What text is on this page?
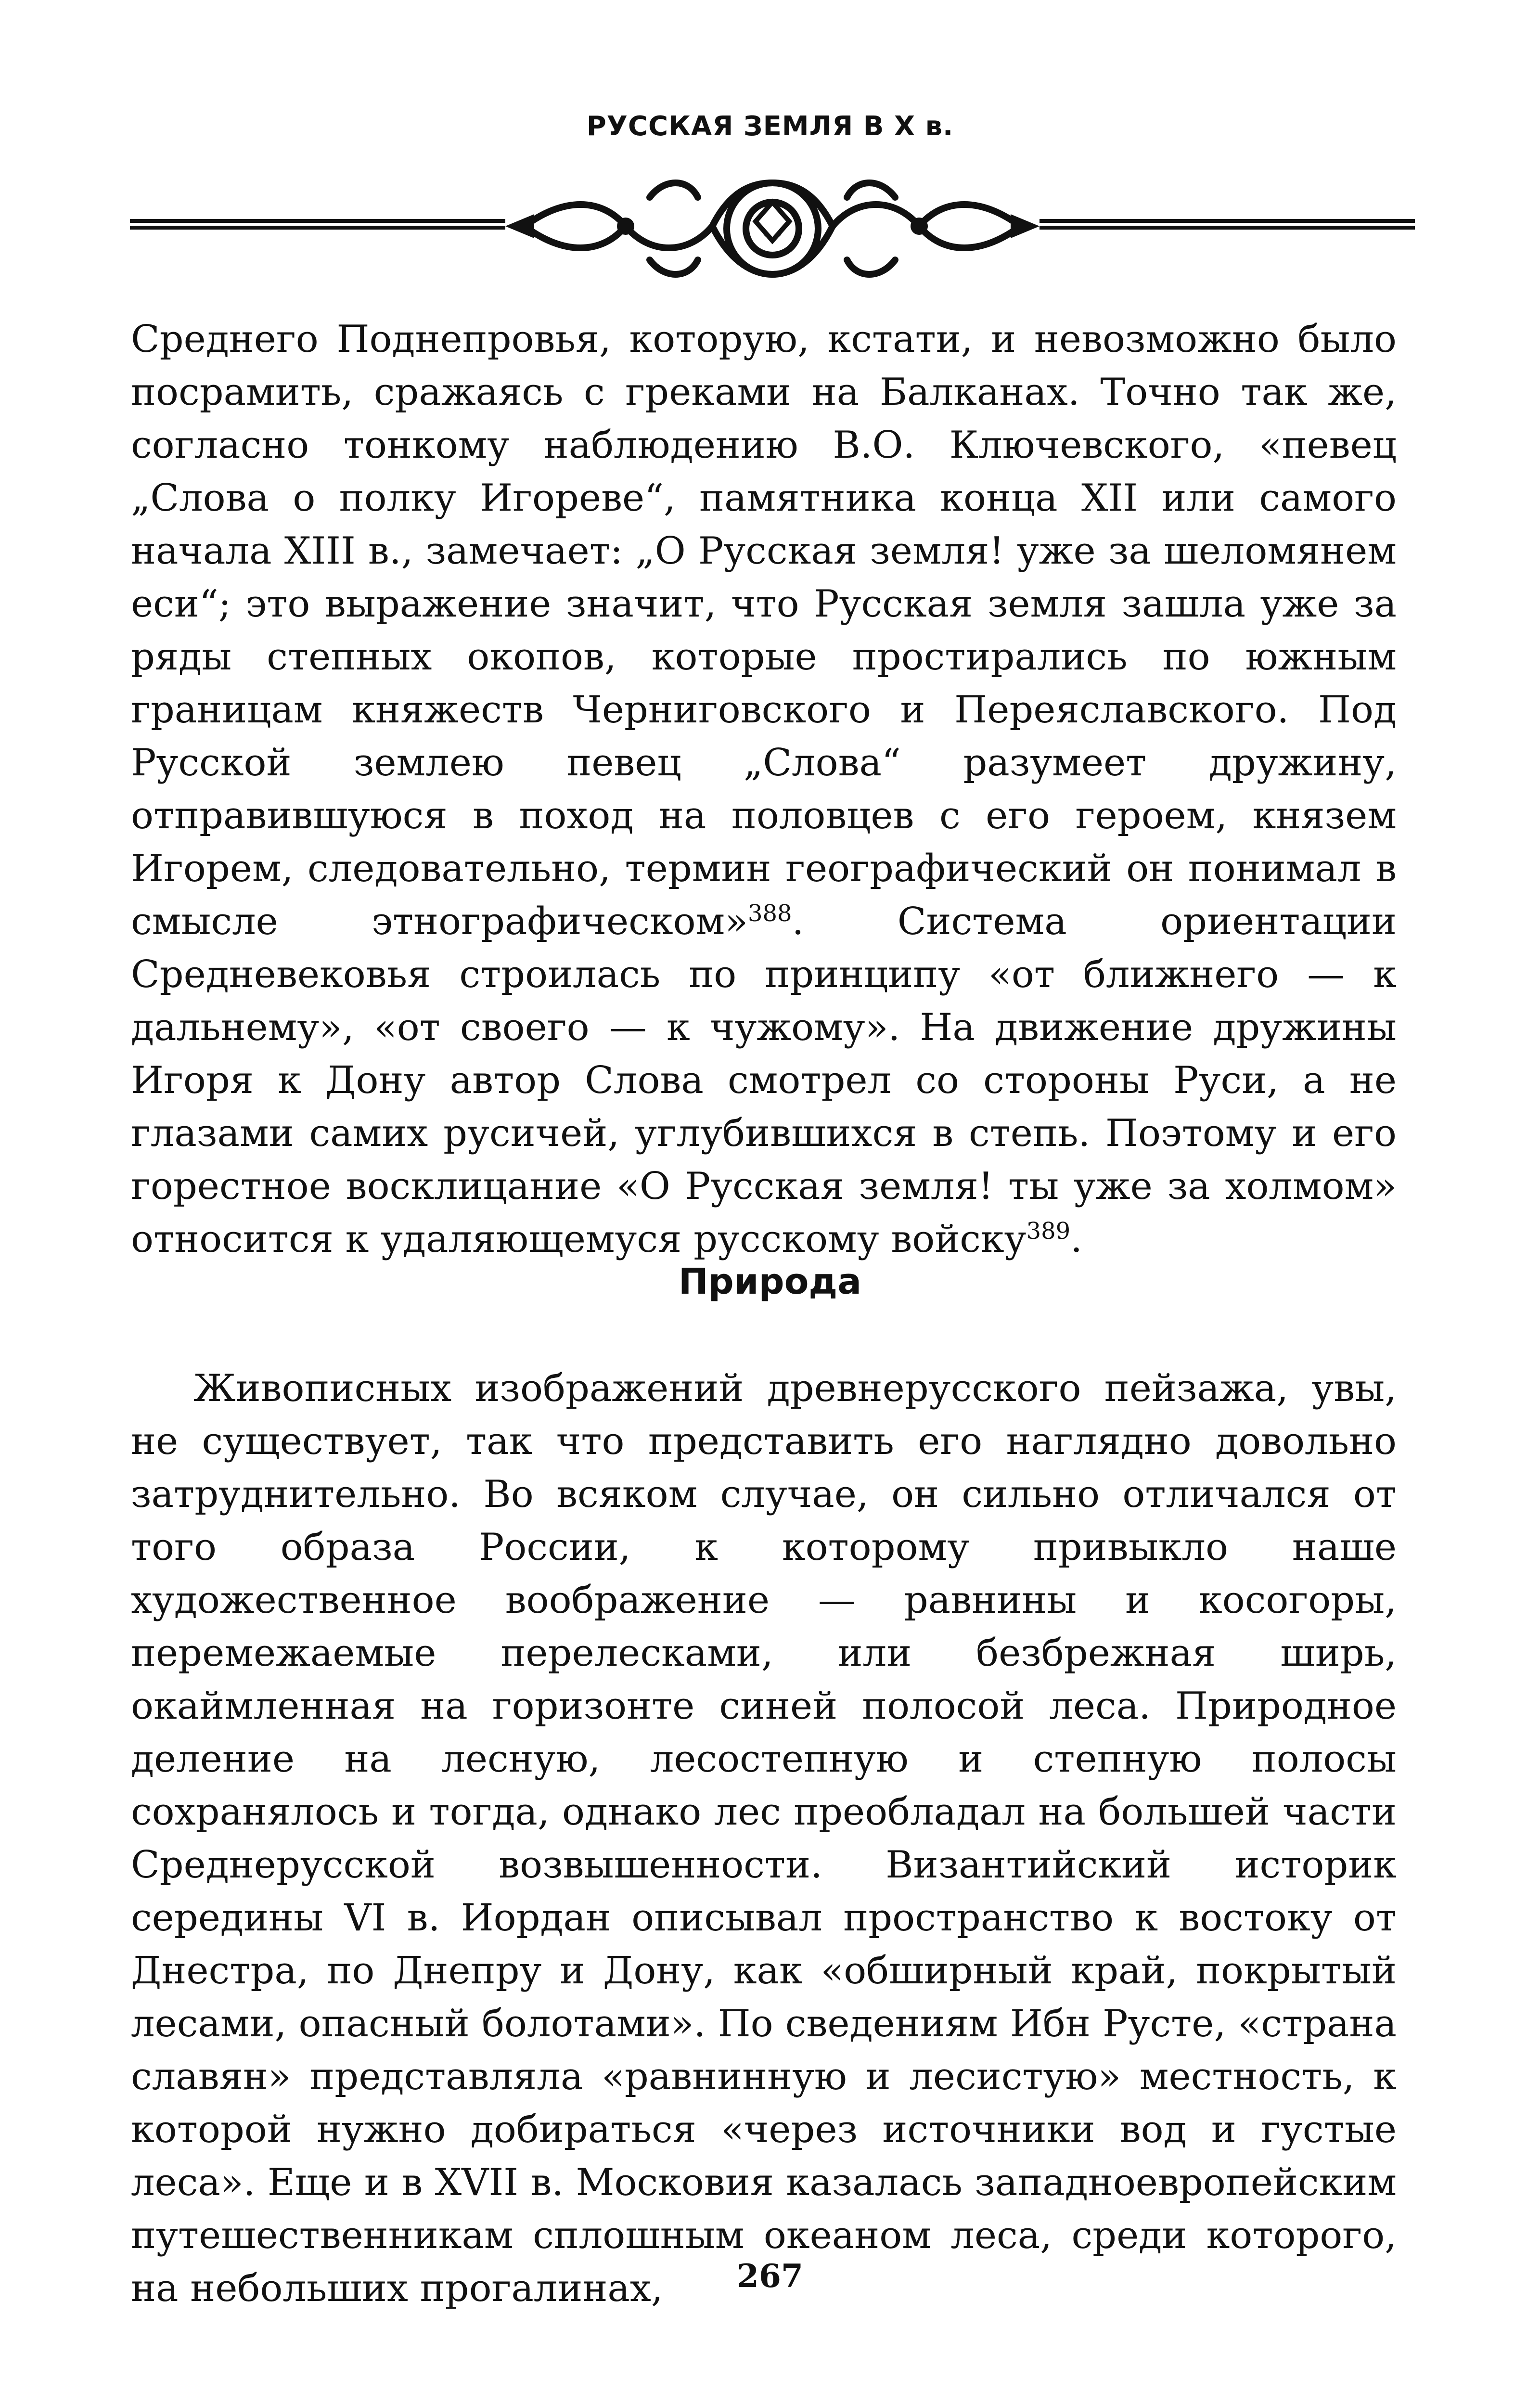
РУССКАЯ ЗЕМЛЯ В X в.

Среднего Поднепровья, которую, кстати, и невозможно было посрамить, сражаясь с греками на Балканах. Точно так же, согласно тонкому наблюдению В.О. Ключевского, «певец „Слова о полку Игореве“, памятника конца XII или самого начала XIII в., замечает: „О Русская земля! уже за шеломянем еси“; это выражение значит, что Русская земля зашла уже за ряды степных окопов, которые простирались по южным границам княжеств Черниговского и Переяславского. Под Русской землею певец „Слова“ разумеет дружину, отправившуюся в поход на половцев с его героем, князем Игорем, следовательно, термин географический он понимал в смысле этнографическом»$^{388}$. Система ориентации Средневековья строилась по принципу «от ближнего — к дальнему», «от своего — к чужому». На движение дружины Игоря к Дону автор Слова смотрел со стороны Руси, а не глазами самих русичей, углубившихся в степь. Поэтому и его горестное восклицание «О Русская земля! ты уже за холмом» относится к удаляющемуся русскому войску$^{389}$.

Природа

Живописных изображений древнерусского пейзажа, увы, не существует, так что представить его наглядно довольно затруднительно. Во всяком случае, он сильно отличался от того образа России, к которому привыкло наше художественное воображение — равнины и косогоры, перемежаемые перелесками, или безбрежная ширь, окаймленная на горизонте синей полосой леса. Природное деление на лесную, лесостепную и степную полосы сохранялось и тогда, однако лес преобладал на большей части Среднерусской возвышенности. Византийский историк середины VI в. Иордан описывал пространство к востоку от Днестра, по Днепру и Дону, как «обширный край, покрытый лесами, опасный болотами». По сведениям Ибн Русте, «страна славян» представляла «равнинную и лесистую» местность, к которой нужно добираться «через источники вод и густые леса». Еще и в XVII в. Московия казалась западноевропейским путешественникам сплошным океаном леса, среди которого, на небольших прогалинах,	267
